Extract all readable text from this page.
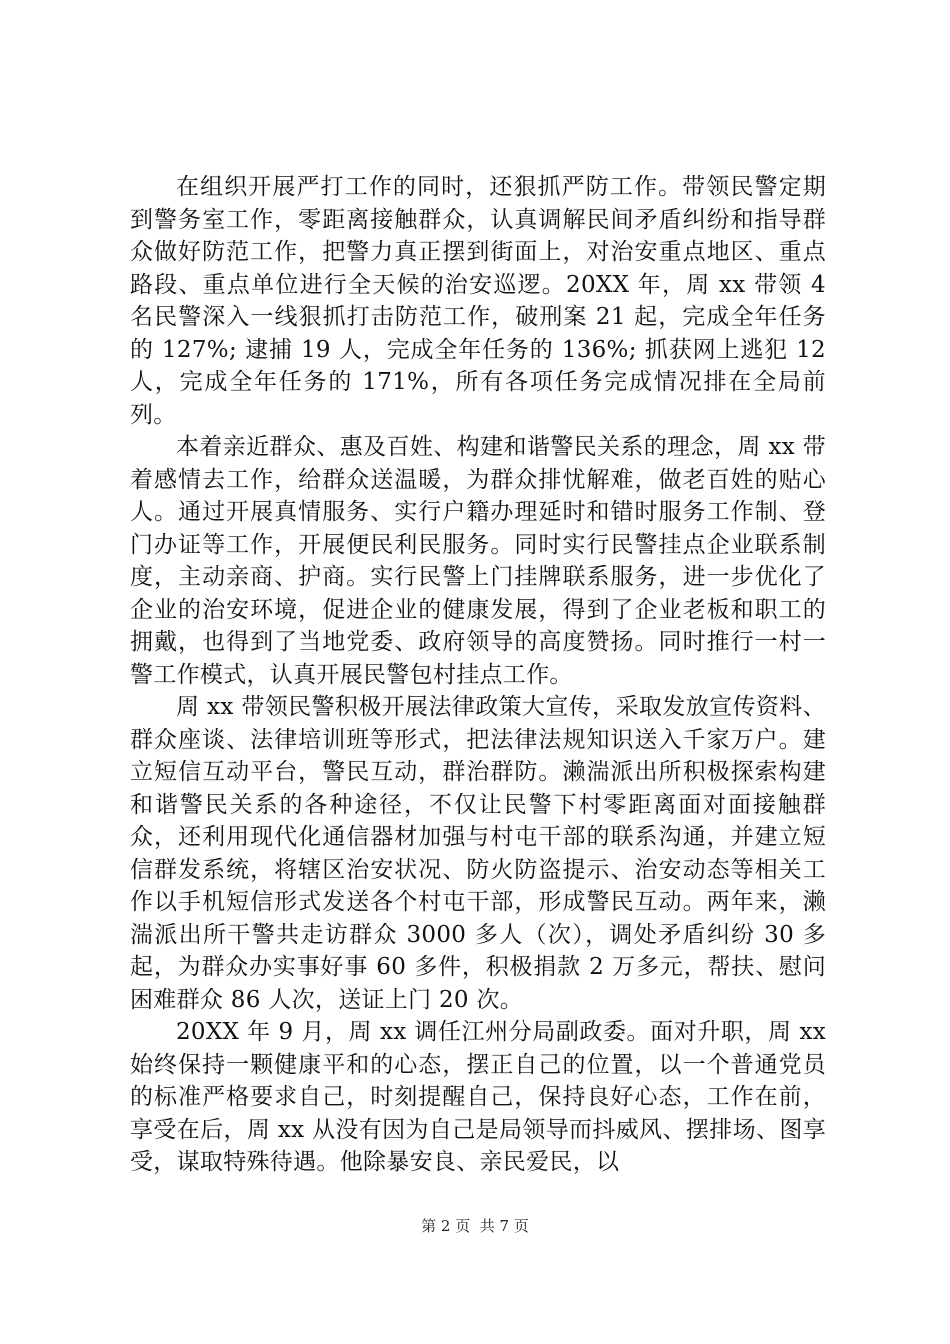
在组织开展严打工作的同时，还狠抓严防工作。带领民警定期到警务室工作，零距离接触群众，认真调解民间矛盾纠纷和指导群众做好防范工作，把警力真正摆到街面上，对治安重点地区、重点路段、重点单位进行全天候的治安巡逻。20XX 年，周 xx 带领 4 名民警深入一线狠抓打击防范工作，破刑案 21 起，完成全年任务的 127%; 逮捕 19 人，完成全年任务的 136%; 抓获网上逃犯 12 人，完成全年任务的 171%，所有各项任务完成情况排在全局前列。

本着亲近群众、惠及百姓、构建和谐警民关系的理念，周 xx 带着感情去工作，给群众送温暖，为群众排忧解难，做老百姓的贴心人。通过开展真情服务、实行户籍办理延时和错时服务工作制、登门办证等工作，开展便民利民服务。同时实行民警挂点企业联系制度，主动亲商、护商。实行民警上门挂牌联系服务，进一步优化了企业的治安环境，促进企业的健康发展，得到了企业老板和职工的拥戴，也得到了当地党委、政府领导的高度赞扬。同时推行一村一警工作模式，认真开展民警包村挂点工作。

周 xx 带领民警积极开展法律政策大宣传，采取发放宣传资料、群众座谈、法律培训班等形式，把法律法规知识送入千家万户。建立短信互动平台，警民互动，群治群防。濑湍派出所积极探索构建和谐警民关系的各种途径，不仅让民警下村零距离面对面接触群众，还利用现代化通信器材加强与村屯干部的联系沟通，并建立短信群发系统，将辖区治安状况、防火防盗提示、治安动态等相关工作以手机短信形式发送各个村屯干部，形成警民互动。两年来，濑湍派出所干警共走访群众 3000 多人（次），调处矛盾纠纷 30 多起，为群众办实事好事 60 多件，积极捐款 2 万多元，帮扶、慰问困难群众 86 人次，送证上门 20 次。

20XX 年 9 月，周 xx 调任江州分局副政委。面对升职，周 xx 始终保持一颗健康平和的心态，摆正自己的位置，以一个普通党员的标准严格要求自己，时刻提醒自己，保持良好心态，工作在前，享受在后，周 xx 从没有因为自己是局领导而抖威风、摆排场、图享受，谋取特殊待遇。他除暴安良、亲民爱民，以

第 2 页 共 7 页
